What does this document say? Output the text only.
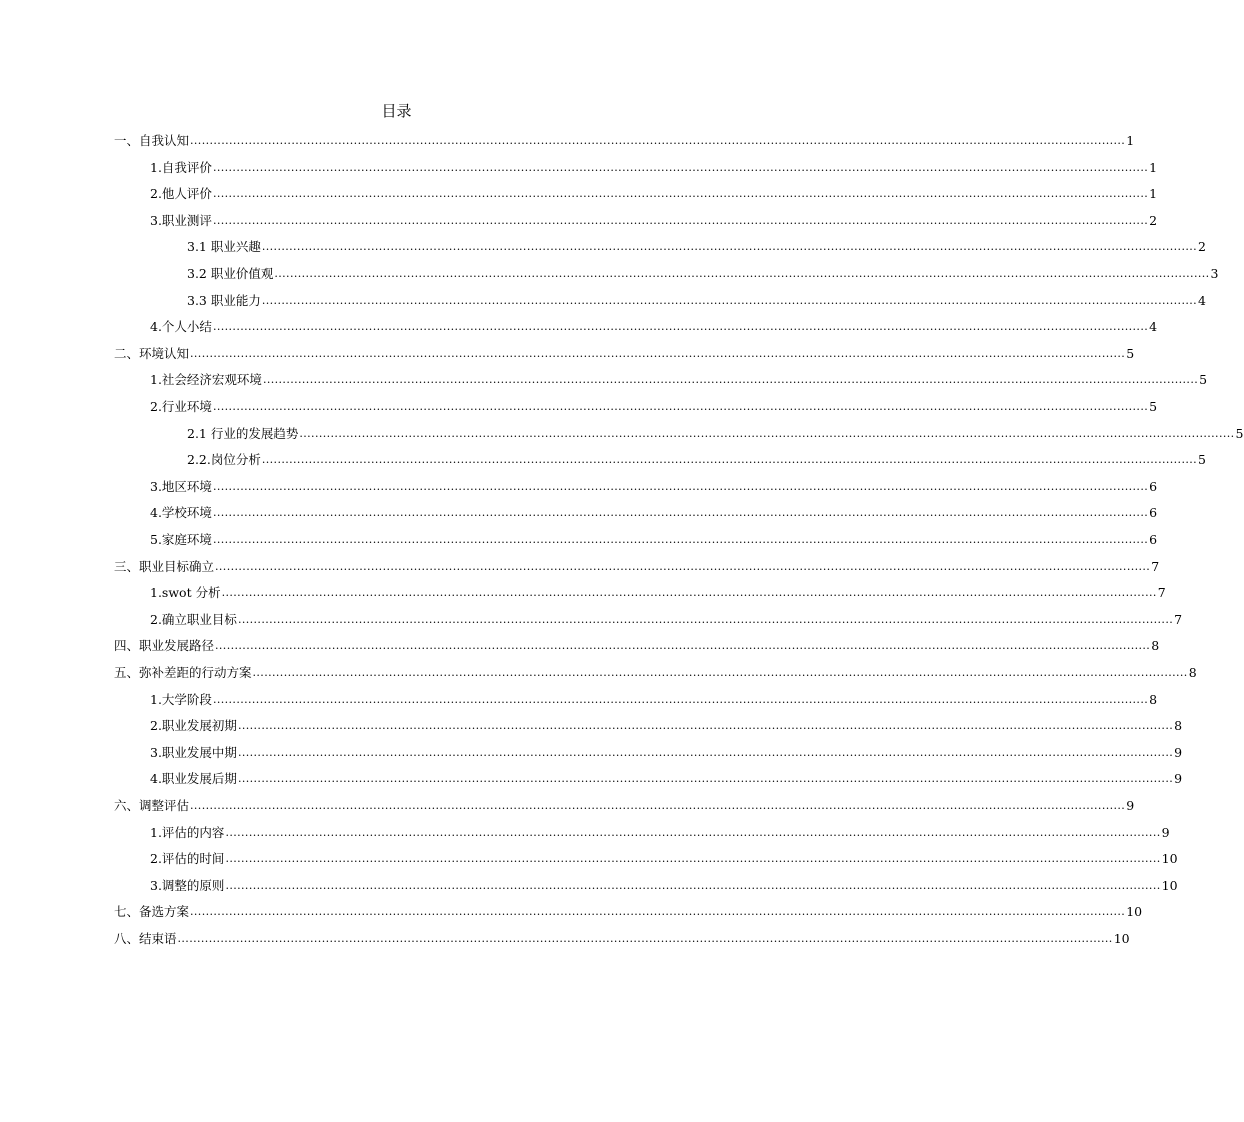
目录
一、自我认知 ................................................................................................................................................................................................................................................ 1
1.自我评价 ................................................................................................................................................................................................................................................ 1
2.他人评价 ................................................................................................................................................................................................................................................ 1
3.职业测评 ................................................................................................................................................................................................................................................ 2
3.1 职业兴趣 ................................................................................................................................................................................................................................................ 2
3.2 职业价值观 ................................................................................................................................................................................................................................................ 3
3.3 职业能力 ................................................................................................................................................................................................................................................ 4
4.个人小结 ................................................................................................................................................................................................................................................ 4
二、环境认知 ................................................................................................................................................................................................................................................ 5
1.社会经济宏观环境 ................................................................................................................................................................................................................................................ 5
2.行业环境 ................................................................................................................................................................................................................................................ 5
2.1 行业的发展趋势 ................................................................................................................................................................................................................................................ 5
2.2.岗位分析 ................................................................................................................................................................................................................................................ 5
3.地区环境 ................................................................................................................................................................................................................................................ 6
4.学校环境 ................................................................................................................................................................................................................................................ 6
5.家庭环境 ................................................................................................................................................................................................................................................ 6
三、职业目标确立 ................................................................................................................................................................................................................................................ 7
1.swot 分析 ................................................................................................................................................................................................................................................ 7
2.确立职业目标 ................................................................................................................................................................................................................................................ 7
四、职业发展路径 ................................................................................................................................................................................................................................................ 8
五、弥补差距的行动方案 ................................................................................................................................................................................................................................................ 8
1.大学阶段 ................................................................................................................................................................................................................................................ 8
2.职业发展初期 ................................................................................................................................................................................................................................................ 8
3.职业发展中期 ................................................................................................................................................................................................................................................ 9
4.职业发展后期 ................................................................................................................................................................................................................................................ 9
六、调整评估 ................................................................................................................................................................................................................................................ 9
1.评估的内容 ................................................................................................................................................................................................................................................ 9
2.评估的时间 ................................................................................................................................................................................................................................................ 10
3.调整的原则 ................................................................................................................................................................................................................................................ 10
七、备选方案 ................................................................................................................................................................................................................................................ 10
八、结束语 ................................................................................................................................................................................................................................................ 10
